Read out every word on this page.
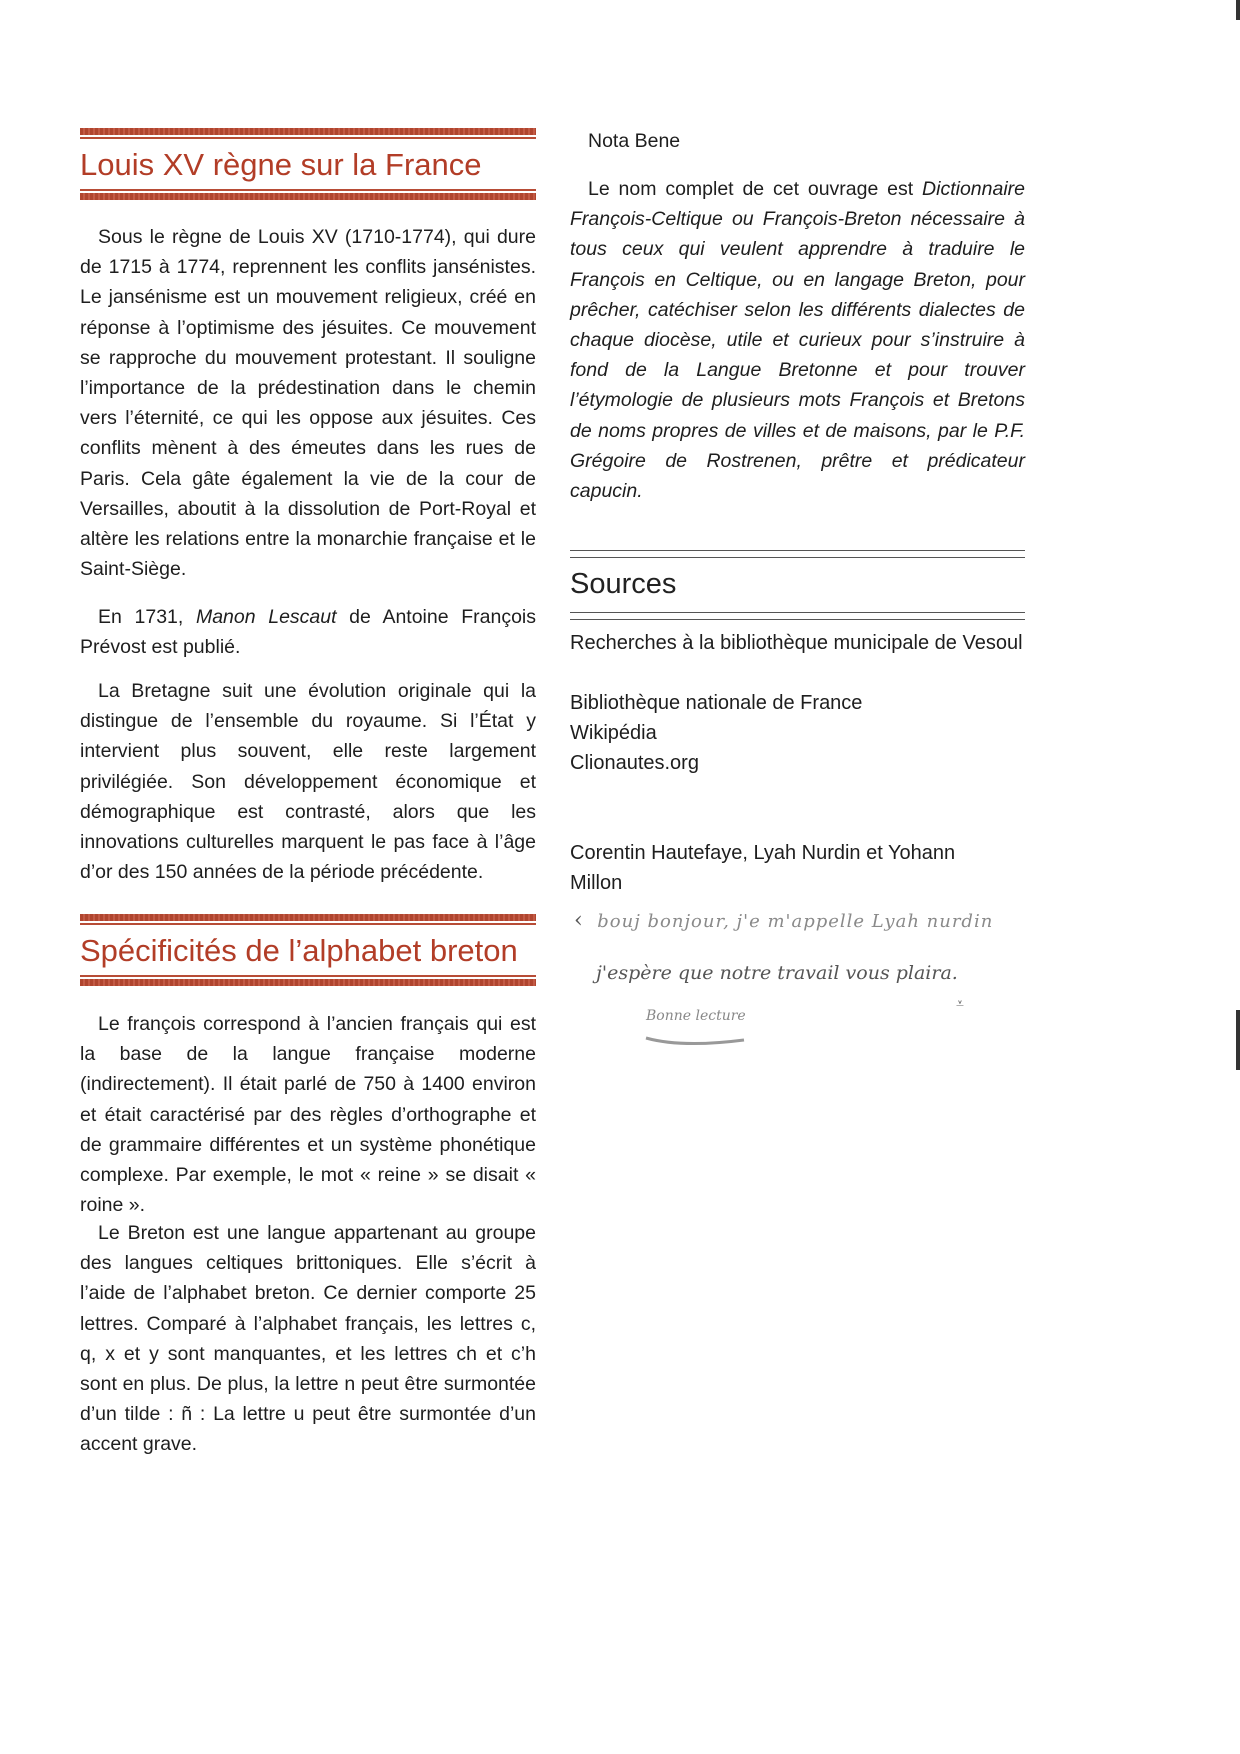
Louis XV règne sur la France

Sous le règne de Louis XV (1710-1774), qui dure de 1715 à 1774, reprennent les conflits jansénistes. Le jansénisme est un mouvement religieux, créé en réponse à l’optimisme des jésuites. Ce mouvement se rapproche du mouvement protestant. Il souligne l’importance de la prédestination dans le chemin vers l’éternité, ce qui les oppose aux jésuites. Ces conflits mènent à des émeutes dans les rues de Paris. Cela gâte également la vie de la cour de Versailles, aboutit à la dissolution de Port-Royal et altère les relations entre la monarchie française et le Saint-Siège.

En 1731, Manon Lescaut de Antoine François Prévost est publié.

La Bretagne suit une évolution originale qui la distingue de l’ensemble du royaume. Si l’État y intervient plus souvent, elle reste largement privilégiée. Son développement économique et démographique est contrasté, alors que les innovations culturelles marquent le pas face à l’âge d’or des 150 années de la période précédente.

Spécificités de l’alphabet breton

Le françois correspond à l’ancien français qui est la base de la langue française moderne (indirectement). Il était parlé de 750 à 1400 environ et était caractérisé par des règles d’orthographe et de grammaire différentes et un système phonétique complexe. Par exemple, le mot « reine » se disait « roine ».

Le Breton est une langue appartenant au groupe des langues celtiques brittoniques. Elle s’écrit à l’aide de l’alphabet breton. Ce dernier comporte 25 lettres. Comparé à l’alphabet français, les lettres c, q, x et y sont manquantes, et les lettres ch et c’h sont en plus. De plus, la lettre n peut être surmontée d’un tilde : ñ : La lettre u peut être surmontée d’un accent grave.

Nota Bene

Le nom complet de cet ouvrage est Dictionnaire François-Celtique ou François-Breton nécessaire à tous ceux qui veulent apprendre à traduire le François en Celtique, ou en langage Breton, pour prêcher, catéchiser selon les différents dialectes de chaque diocèse, utile et curieux pour s’instruire à fond de la Langue Bretonne et pour trouver l’étymologie de plusieurs mots François et Bretons de noms propres de villes et de maisons, par le P.F. Grégoire de Rostrenen, prêtre et prédicateur capucin.

Sources
Recherches à la bibliothèque municipale de Vesoul
Bibliothèque nationale de France
Wikipédia
Clionautes.org
Corentin Hautefaye, Lyah Nurdin et Yohann Millon
‹ bouj bonjour, j'e m'appelle Lyah nurdin
j'espère que notre travail vous plaira.
Bonne lecture
⩡
